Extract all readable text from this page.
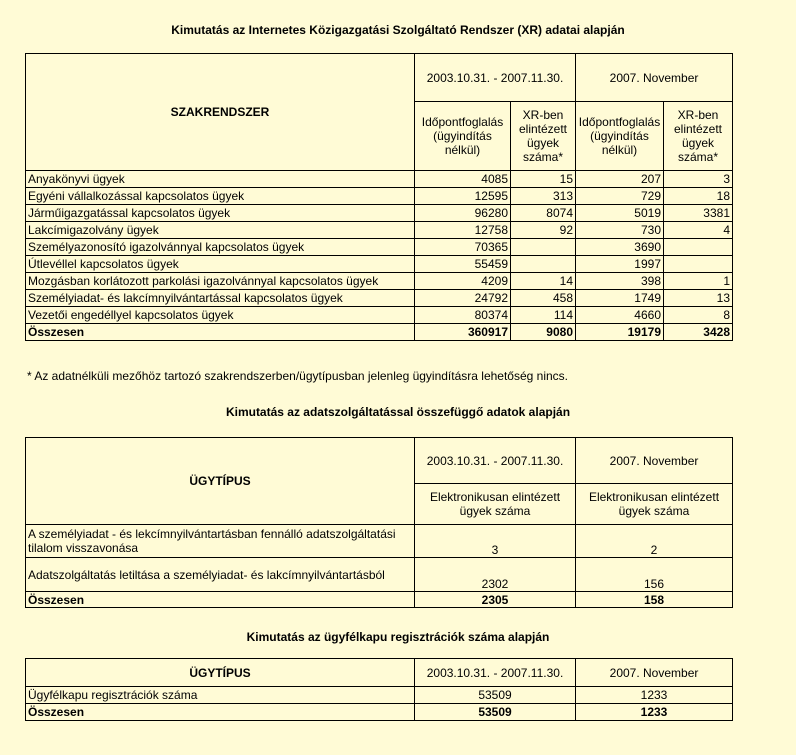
Kimutatás az Internetes Közigazgatási Szolgáltató Rendszer (XR) adatai alapján
SZAKRENDSZER	2003.10.31. - 2007.11.30.		2007. November	
	Időpontfoglalás (ügyindítás nélkül)	XR-ben elintézett ügyek száma*	Időpontfoglalás (ügyindítás nélkül)	XR-ben elintézett ügyek száma*
Anyakönyvi ügyek	4085	15	207	3
Egyéni vállalkozással kapcsolatos ügyek	12595	313	729	18
Járműigazgatással kapcsolatos ügyek	96280	8074	5019	3381
Lakcímigazolvány ügyek	12758	92	730	4
Személyazonosító igazolvánnyal kapcsolatos ügyek	70365		3690	
Útlevéllel kapcsolatos ügyek	55459		1997	
Mozgásban korlátozott parkolási igazolvánnyal kapcsolatos ügyek	4209	14	398	1
Személyiadat- és lakcímnyilvántartással kapcsolatos ügyek	24792	458	1749	13
Vezetői engedéllyel kapcsolatos ügyek	80374	114	4660	8
Összesen	360917	9080	19179	3428
* Az adatnélküli mezőhöz tartozó szakrendszerben/ügytípusban jelenleg ügyindításra lehetőség nincs.
Kimutatás az adatszolgáltatással összefüggő adatok alapján
ÜGYTÍPUS	2003.10.31. - 2007.11.30.	2007. November
	Elektronikusan elintézett ügyek száma	Elektronikusan elintézett ügyek száma
A személyiadat - és lekcímnyilvántartásban fennálló adatszolgáltatási tilalom visszavonása	3	2
Adatszolgáltatás letiltása a személyiadat- és lakcímnyilvántartásból	2302	156
Összesen	2305	158
Kimutatás az ügyfélkapu regisztrációk száma alapján
ÜGYTÍPUS	2003.10.31. - 2007.11.30.	2007. November
Ügyfélkapu regisztrációk száma	53509	1233
Összesen	53509	1233
